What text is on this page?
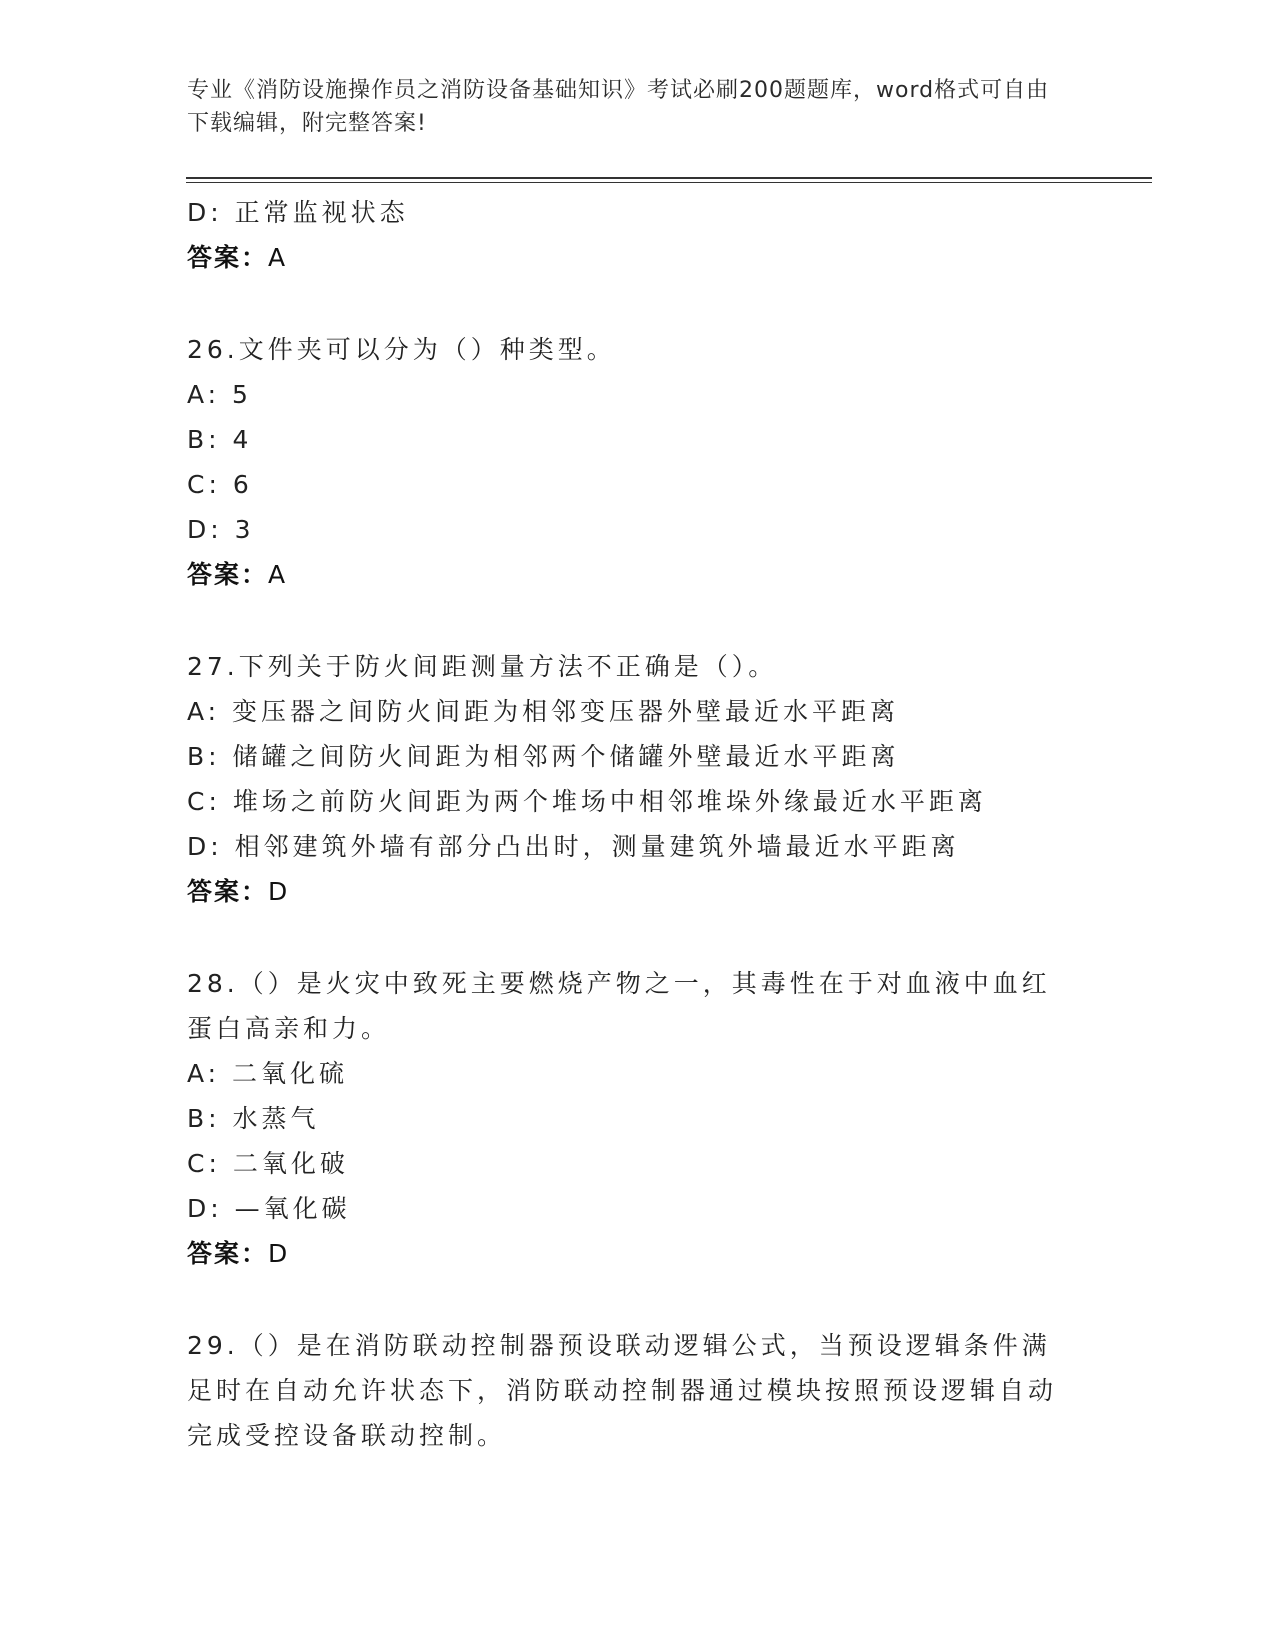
专业《消防设施操作员之消防设备基础知识》考试必刷200题题库，word格式可自由下载编辑，附完整答案!
D: 正常监视状态
答案：A
26.文件夹可以分为（）种类型。
A: 5
B: 4
C: 6
D: 3
答案：A
27.下列关于防火间距测量方法不正确是（）。
A: 变压器之间防火间距为相邻变压器外壁最近水平距离
B: 储罐之间防火间距为相邻两个储罐外壁最近水平距离
C: 堆场之前防火间距为两个堆场中相邻堆垛外缘最近水平距离
D: 相邻建筑外墙有部分凸出时，测量建筑外墙最近水平距离
答案：D
28.（）是火灾中致死主要燃烧产物之一，其毒性在于对血液中血红蛋白高亲和力。
A: 二氧化硫
B: 水蒸气
C: 二氧化破
D: —氧化碳
答案：D
29.（）是在消防联动控制器预设联动逻辑公式，当预设逻辑条件满足时在自动允许状态下，消防联动控制器通过模块按照预设逻辑自动完成受控设备联动控制。
